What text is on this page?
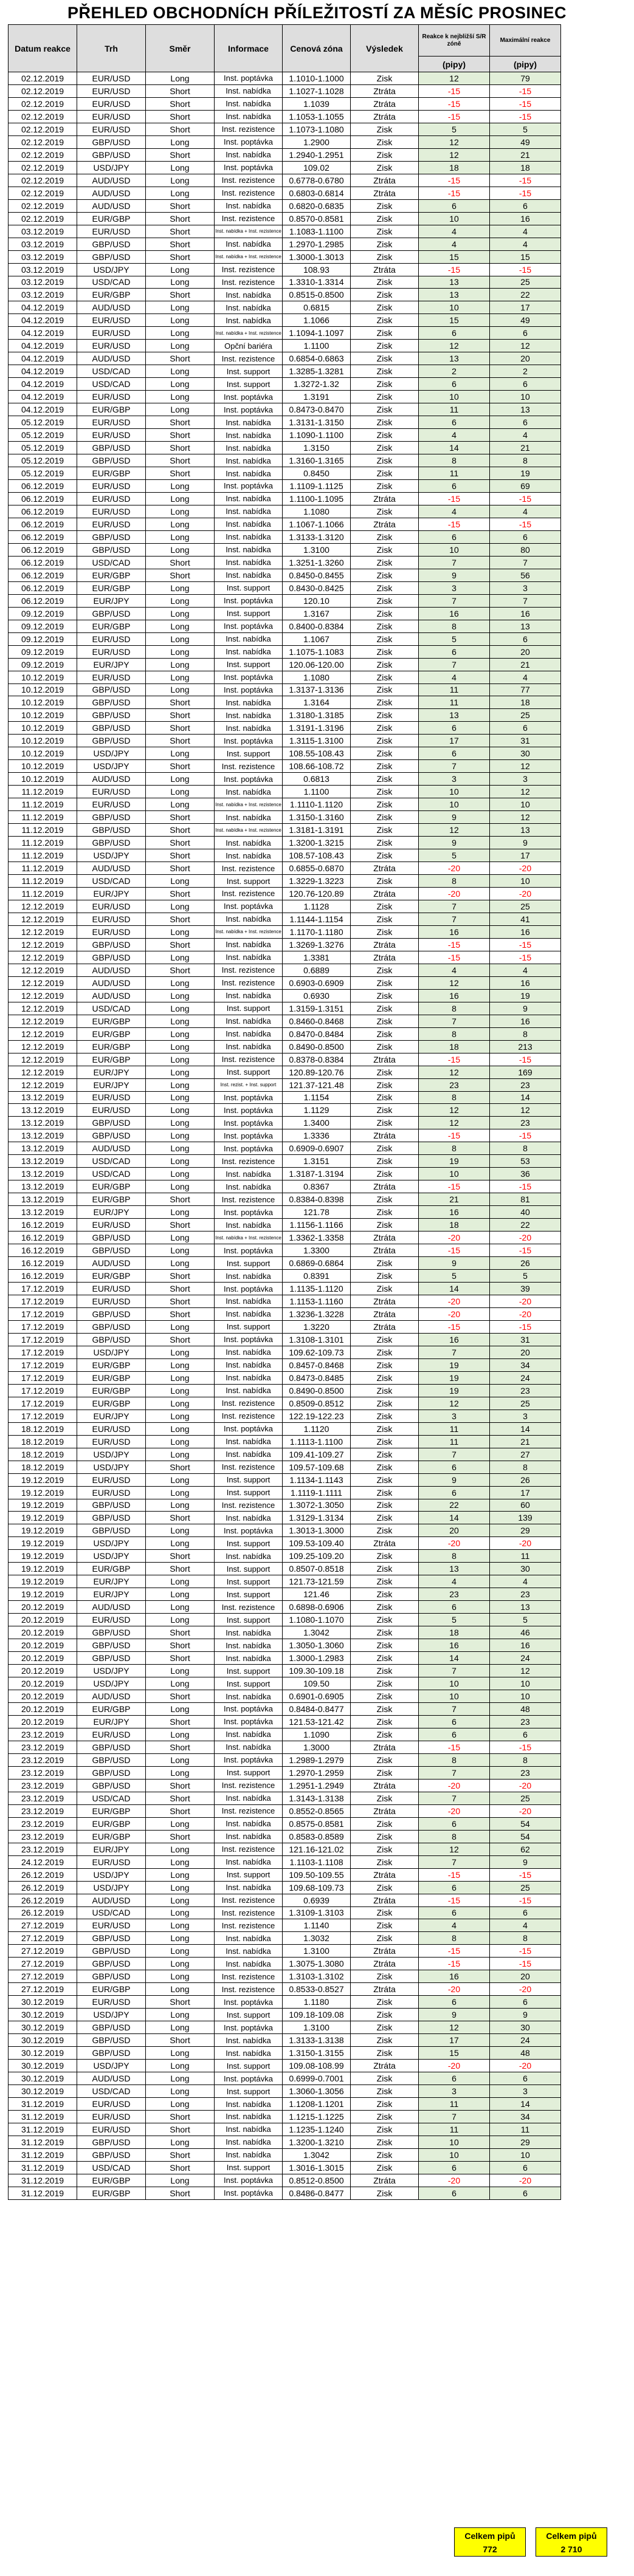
PŘEHLED OBCHODNÍCH PŘÍLEŽITOSTÍ ZA MĚSÍC PROSINEC
Datum reakce	Trh	Směr	Informace	Cenová zóna	Výsledek	Reakce k nejbližší S/R zóně	Maximální reakce
						(pipy)	(pipy)
02.12.2019	EUR/USD	Long	Inst. poptávka	1.1010-1.1000	Zisk	12	79
02.12.2019	EUR/USD	Short	Inst. nabídka	1.1027-1.1028	Ztráta	-15	-15
02.12.2019	EUR/USD	Short	Inst. nabídka	1.1039	Ztráta	-15	-15
02.12.2019	EUR/USD	Short	Inst. nabídka	1.1053-1.1055	Ztráta	-15	-15
02.12.2019	EUR/USD	Short	Inst. rezistence	1.1073-1.1080	Zisk	5	5
02.12.2019	GBP/USD	Long	Inst. poptávka	1.2900	Zisk	12	49
02.12.2019	GBP/USD	Short	Inst. nabídka	1.2940-1.2951	Zisk	12	21
02.12.2019	USD/JPY	Long	Inst. poptávka	109.02	Zisk	18	18
02.12.2019	AUD/USD	Long	Inst. rezistence	0.6778-0.6780	Ztráta	-15	-15
02.12.2019	AUD/USD	Long	Inst. rezistence	0.6803-0.6814	Ztráta	-15	-15
02.12.2019	AUD/USD	Short	Inst. nabídka	0.6820-0.6835	Zisk	6	6
02.12.2019	EUR/GBP	Short	Inst. rezistence	0.8570-0.8581	Zisk	10	16
03.12.2019	EUR/USD	Short	Inst. nabídka + Inst. rezistence	1.1083-1.1100	Zisk	4	4
03.12.2019	GBP/USD	Short	Inst. nabídka	1.2970-1.2985	Zisk	4	4
03.12.2019	GBP/USD	Short	Inst. nabídka + Inst. rezistence	1.3000-1.3013	Zisk	15	15
03.12.2019	USD/JPY	Long	Inst. rezistence	108.93	Ztráta	-15	-15
03.12.2019	USD/CAD	Long	Inst. rezistence	1.3310-1.3314	Zisk	13	25
03.12.2019	EUR/GBP	Short	Inst. nabídka	0.8515-0.8500	Zisk	13	22
04.12.2019	AUD/USD	Long	Inst. nabídka	0.6815	Zisk	10	17
04.12.2019	EUR/USD	Long	Inst. nabídka	1.1066	Zisk	15	49
04.12.2019	EUR/USD	Long	Inst. nabídka + Inst. rezistence	1.1094-1.1097	Zisk	6	6
04.12.2019	EUR/USD	Long	Opční bariéra	1.1100	Zisk	12	12
04.12.2019	AUD/USD	Short	Inst. rezistence	0.6854-0.6863	Zisk	13	20
04.12.2019	USD/CAD	Long	Inst. support	1.3285-1.3281	Zisk	2	2
04.12.2019	USD/CAD	Long	Inst. support	1.3272-1.32	Zisk	6	6
04.12.2019	EUR/USD	Long	Inst. poptávka	1.3191	Zisk	10	10
04.12.2019	EUR/GBP	Long	Inst. poptávka	0.8473-0.8470	Zisk	11	13
05.12.2019	EUR/USD	Short	Inst. nabídka	1.3131-1.3150	Zisk	6	6
05.12.2019	EUR/USD	Short	Inst. nabídka	1.1090-1.1100	Zisk	4	4
05.12.2019	GBP/USD	Short	Inst. nabídka	1.3150	Zisk	14	21
05.12.2019	GBP/USD	Short	Inst. nabídka	1.3160-1.3165	Zisk	8	8
05.12.2019	EUR/GBP	Short	Inst. nabídka	0.8450	Zisk	11	19
06.12.2019	EUR/USD	Long	Inst. poptávka	1.1109-1.1125	Zisk	6	69
06.12.2019	EUR/USD	Long	Inst. nabídka	1.1100-1.1095	Ztráta	-15	-15
06.12.2019	EUR/USD	Long	Inst. nabídka	1.1080	Zisk	4	4
06.12.2019	EUR/USD	Long	Inst. nabídka	1.1067-1.1066	Ztráta	-15	-15
06.12.2019	GBP/USD	Long	Inst. nabídka	1.3133-1.3120	Zisk	6	6
06.12.2019	GBP/USD	Long	Inst. nabídka	1.3100	Zisk	10	80
06.12.2019	USD/CAD	Short	Inst. nabídka	1.3251-1.3260	Zisk	7	7
06.12.2019	EUR/GBP	Short	Inst. nabídka	0.8450-0.8455	Zisk	9	56
06.12.2019	EUR/GBP	Long	Inst. support	0.8430-0.8425	Zisk	3	3
06.12.2019	EUR/JPY	Long	Inst. poptávka	120.10	Zisk	7	7
09.12.2019	GBP/USD	Long	Inst. support	1.3167	Zisk	16	16
09.12.2019	EUR/GBP	Long	Inst. poptávka	0.8400-0.8384	Zisk	8	13
09.12.2019	EUR/USD	Long	Inst. nabídka	1.1067	Zisk	5	6
09.12.2019	EUR/USD	Long	Inst. nabídka	1.1075-1.1083	Zisk	6	20
09.12.2019	EUR/JPY	Long	Inst. support	120.06-120.00	Zisk	7	21
10.12.2019	EUR/USD	Long	Inst. poptávka	1.1080	Zisk	4	4
10.12.2019	GBP/USD	Long	Inst. poptávka	1.3137-1.3136	Zisk	11	77
10.12.2019	GBP/USD	Short	Inst. nabídka	1.3164	Zisk	11	18
10.12.2019	GBP/USD	Short	Inst. nabídka	1.3180-1.3185	Zisk	13	25
10.12.2019	GBP/USD	Short	Inst. nabídka	1.3191-1.3196	Zisk	6	6
10.12.2019	GBP/USD	Short	Inst. poptávka	1.3115-1.3100	Zisk	17	31
10.12.2019	USD/JPY	Long	Inst. support	108.55-108.43	Zisk	6	30
10.12.2019	USD/JPY	Short	Inst. rezistence	108.66-108.72	Zisk	7	12
10.12.2019	AUD/USD	Long	Inst. poptávka	0.6813	Zisk	3	3
11.12.2019	EUR/USD	Long	Inst. nabídka	1.1100	Zisk	10	12
11.12.2019	EUR/USD	Long	Inst. nabídka + Inst. rezistence	1.1110-1.1120	Zisk	10	10
11.12.2019	GBP/USD	Short	Inst. nabídka	1.3150-1.3160	Zisk	9	12
11.12.2019	GBP/USD	Short	Inst. nabídka + Inst. rezistence	1.3181-1.3191	Zisk	12	13
11.12.2019	GBP/USD	Short	Inst. nabídka	1.3200-1.3215	Zisk	9	9
11.12.2019	USD/JPY	Short	Inst. nabídka	108.57-108.43	Zisk	5	17
11.12.2019	AUD/USD	Short	Inst. rezistence	0.6855-0.6870	Ztráta	-20	-20
11.12.2019	USD/CAD	Long	Inst. support	1.3229-1.3223	Zisk	8	10
11.12.2019	EUR/JPY	Short	Inst. rezistence	120.76-120.89	Ztráta	-20	-20
12.12.2019	EUR/USD	Long	Inst. poptávka	1.1128	Zisk	7	25
12.12.2019	EUR/USD	Short	Inst. nabídka	1.1144-1.1154	Zisk	7	41
12.12.2019	EUR/USD	Long	Inst. nabídka + Inst. rezistence	1.1170-1.1180	Zisk	16	16
12.12.2019	GBP/USD	Short	Inst. nabídka	1.3269-1.3276	Ztráta	-15	-15
12.12.2019	GBP/USD	Long	Inst. nabídka	1.3381	Ztráta	-15	-15
12.12.2019	AUD/USD	Short	Inst. rezistence	0.6889	Zisk	4	4
12.12.2019	AUD/USD	Long	Inst. rezistence	0.6903-0.6909	Zisk	12	16
12.12.2019	AUD/USD	Long	Inst. nabídka	0.6930	Zisk	16	19
12.12.2019	USD/CAD	Long	Inst. support	1.3159-1.3151	Zisk	8	9
12.12.2019	EUR/GBP	Long	Inst. nabídka	0.8460-0.8468	Zisk	7	16
12.12.2019	EUR/GBP	Long	Inst. nabídka	0.8470-0.8484	Zisk	8	8
12.12.2019	EUR/GBP	Long	Inst. nabídka	0.8490-0.8500	Zisk	18	213
12.12.2019	EUR/GBP	Long	Inst. rezistence	0.8378-0.8384	Ztráta	-15	-15
12.12.2019	EUR/JPY	Long	Inst. support	120.89-120.76	Zisk	12	169
12.12.2019	EUR/JPY	Long	Inst. rezist. + Inst. support	121.37-121.48	Zisk	23	23
13.12.2019	EUR/USD	Long	Inst. poptávka	1.1154	Zisk	8	14
13.12.2019	EUR/USD	Long	Inst. poptávka	1.1129	Zisk	12	12
13.12.2019	GBP/USD	Long	Inst. poptávka	1.3400	Zisk	12	23
13.12.2019	GBP/USD	Long	Inst. poptávka	1.3336	Ztráta	-15	-15
13.12.2019	AUD/USD	Long	Inst. poptávka	0.6909-0.6907	Zisk	8	8
13.12.2019	USD/CAD	Long	Inst. rezistence	1.3151	Zisk	19	53
13.12.2019	USD/CAD	Long	Inst. nabídka	1.3187-1.3194	Zisk	10	36
13.12.2019	EUR/GBP	Long	Inst. nabídka	0.8367	Ztráta	-15	-15
13.12.2019	EUR/GBP	Short	Inst. rezistence	0.8384-0.8398	Zisk	21	81
13.12.2019	EUR/JPY	Long	Inst. poptávka	121.78	Zisk	16	40
16.12.2019	EUR/USD	Short	Inst. nabídka	1.1156-1.1166	Zisk	18	22
16.12.2019	GBP/USD	Long	Inst. nabídka + Inst. rezistence	1.3362-1.3358	Ztráta	-20	-20
16.12.2019	GBP/USD	Long	Inst. poptávka	1.3300	Ztráta	-15	-15
16.12.2019	AUD/USD	Long	Inst. support	0.6869-0.6864	Zisk	9	26
16.12.2019	EUR/GBP	Short	Inst. nabídka	0.8391	Zisk	5	5
17.12.2019	EUR/USD	Short	Inst. poptávka	1.1135-1.1120	Zisk	14	39
17.12.2019	EUR/USD	Short	Inst. nabídka	1.1153-1.1160	Ztráta	-20	-20
17.12.2019	GBP/USD	Short	Inst. nabídka	1.3236-1.3228	Ztráta	-20	-20
17.12.2019	GBP/USD	Long	Inst. support	1.3220	Ztráta	-15	-15
17.12.2019	GBP/USD	Short	Inst. poptávka	1.3108-1.3101	Zisk	16	31
17.12.2019	USD/JPY	Long	Inst. nabídka	109.62-109.73	Zisk	7	20
17.12.2019	EUR/GBP	Long	Inst. nabídka	0.8457-0.8468	Zisk	19	34
17.12.2019	EUR/GBP	Long	Inst. nabídka	0.8473-0.8485	Zisk	19	24
17.12.2019	EUR/GBP	Long	Inst. nabídka	0.8490-0.8500	Zisk	19	23
17.12.2019	EUR/GBP	Long	Inst. rezistence	0.8509-0.8512	Zisk	12	25
17.12.2019	EUR/JPY	Long	Inst. rezistence	122.19-122.23	Zisk	3	3
18.12.2019	EUR/USD	Long	Inst. poptávka	1.1120	Zisk	11	14
18.12.2019	EUR/USD	Long	Inst. nabídka	1.1113-1.1100	Zisk	11	21
18.12.2019	USD/JPY	Long	Inst. nabídka	109.41-109.27	Zisk	7	27
18.12.2019	USD/JPY	Short	Inst. rezistence	109.57-109.68	Zisk	6	8
19.12.2019	EUR/USD	Long	Inst. support	1.1134-1.1143	Zisk	9	26
19.12.2019	EUR/USD	Long	Inst. support	1.1119-1.1111	Zisk	6	17
19.12.2019	GBP/USD	Long	Inst. rezistence	1.3072-1.3050	Zisk	22	60
19.12.2019	GBP/USD	Short	Inst. nabídka	1.3129-1.3134	Zisk	14	139
19.12.2019	GBP/USD	Long	Inst. poptávka	1.3013-1.3000	Zisk	20	29
19.12.2019	USD/JPY	Long	Inst. support	109.53-109.40	Ztráta	-20	-20
19.12.2019	USD/JPY	Short	Inst. nabídka	109.25-109.20	Zisk	8	11
19.12.2019	EUR/GBP	Short	Inst. support	0.8507-0.8518	Zisk	13	30
19.12.2019	EUR/JPY	Long	Inst. support	121.73-121.59	Zisk	4	4
19.12.2019	EUR/JPY	Long	Inst. support	121.46	Zisk	23	23
20.12.2019	AUD/USD	Long	Inst. rezistence	0.6898-0.6906	Zisk	6	13
20.12.2019	EUR/USD	Long	Inst. support	1.1080-1.1070	Zisk	5	5
20.12.2019	GBP/USD	Short	Inst. nabídka	1.3042	Zisk	18	46
20.12.2019	GBP/USD	Short	Inst. nabídka	1.3050-1.3060	Zisk	16	16
20.12.2019	GBP/USD	Short	Inst. nabídka	1.3000-1.2983	Zisk	14	24
20.12.2019	USD/JPY	Long	Inst. support	109.30-109.18	Zisk	7	12
20.12.2019	USD/JPY	Long	Inst. support	109.50	Zisk	10	10
20.12.2019	AUD/USD	Short	Inst. nabídka	0.6901-0.6905	Zisk	10	10
20.12.2019	EUR/GBP	Long	Inst. poptávka	0.8484-0.8477	Zisk	7	48
20.12.2019	EUR/JPY	Short	Inst. poptávka	121.53-121.42	Zisk	6	23
23.12.2019	EUR/USD	Long	Inst. nabídka	1.1090	Zisk	6	6
23.12.2019	GBP/USD	Short	Inst. nabídka	1.3000	Ztráta	-15	-15
23.12.2019	GBP/USD	Long	Inst. poptávka	1.2989-1.2979	Zisk	8	8
23.12.2019	GBP/USD	Long	Inst. support	1.2970-1.2959	Zisk	7	23
23.12.2019	GBP/USD	Short	Inst. rezistence	1.2951-1.2949	Ztráta	-20	-20
23.12.2019	USD/CAD	Short	Inst. nabídka	1.3143-1.3138	Zisk	7	25
23.12.2019	EUR/GBP	Short	Inst. rezistence	0.8552-0.8565	Ztráta	-20	-20
23.12.2019	EUR/GBP	Long	Inst. nabídka	0.8575-0.8581	Zisk	6	54
23.12.2019	EUR/GBP	Short	Inst. nabídka	0.8583-0.8589	Zisk	8	54
23.12.2019	EUR/JPY	Long	Inst. rezistence	121.16-121.02	Zisk	12	62
24.12.2019	EUR/USD	Long	Inst. nabídka	1.1103-1.1108	Zisk	7	9
26.12.2019	USD/JPY	Long	Inst. support	109.50-109.55	Ztráta	-15	-15
26.12.2019	USD/JPY	Long	Inst. nabídka	109.68-109.73	Zisk	6	25
26.12.2019	AUD/USD	Long	Inst. rezistence	0.6939	Ztráta	-15	-15
26.12.2019	USD/CAD	Long	Inst. rezistence	1.3109-1.3103	Zisk	6	6
27.12.2019	EUR/USD	Long	Inst. rezistence	1.1140	Zisk	4	4
27.12.2019	GBP/USD	Long	Inst. nabídka	1.3032	Zisk	8	8
27.12.2019	GBP/USD	Long	Inst. nabídka	1.3100	Ztráta	-15	-15
27.12.2019	GBP/USD	Long	Inst. nabídka	1.3075-1.3080	Ztráta	-15	-15
27.12.2019	GBP/USD	Long	Inst. rezistence	1.3103-1.3102	Zisk	16	20
27.12.2019	EUR/GBP	Long	Inst. rezistence	0.8533-0.8527	Ztráta	-20	-20
30.12.2019	EUR/USD	Short	Inst. poptávka	1.1180	Zisk	6	6
30.12.2019	USD/JPY	Long	Inst. support	109.18-109.08	Zisk	9	9
30.12.2019	GBP/USD	Long	Inst. poptávka	1.3100	Zisk	12	30
30.12.2019	GBP/USD	Short	Inst. nabídka	1.3133-1.3138	Zisk	17	24
30.12.2019	GBP/USD	Long	Inst. nabídka	1.3150-1.3155	Zisk	15	48
30.12.2019	USD/JPY	Long	Inst. support	109.08-108.99	Ztráta	-20	-20
30.12.2019	AUD/USD	Long	Inst. poptávka	0.6999-0.7001	Zisk	6	6
30.12.2019	USD/CAD	Long	Inst. support	1.3060-1.3056	Zisk	3	3
31.12.2019	EUR/USD	Long	Inst. nabídka	1.1208-1.1201	Zisk	11	14
31.12.2019	EUR/USD	Short	Inst. nabídka	1.1215-1.1225	Zisk	7	34
31.12.2019	EUR/USD	Short	Inst. nabídka	1.1235-1.1240	Zisk	11	11
31.12.2019	GBP/USD	Long	Inst. nabídka	1.3200-1.3210	Zisk	10	29
31.12.2019	GBP/USD	Short	Inst. nabídka	1.3042	Zisk	10	10
31.12.2019	USD/CAD	Short	Inst. support	1.3016-1.3015	Zisk	6	6
31.12.2019	EUR/GBP	Long	Inst. poptávka	0.8512-0.8500	Ztráta	-20	-20
31.12.2019	EUR/GBP	Short	Inst. poptávka	0.8486-0.8477	Zisk	6	6
Celkem pipů
772
Celkem pipů
2 710
